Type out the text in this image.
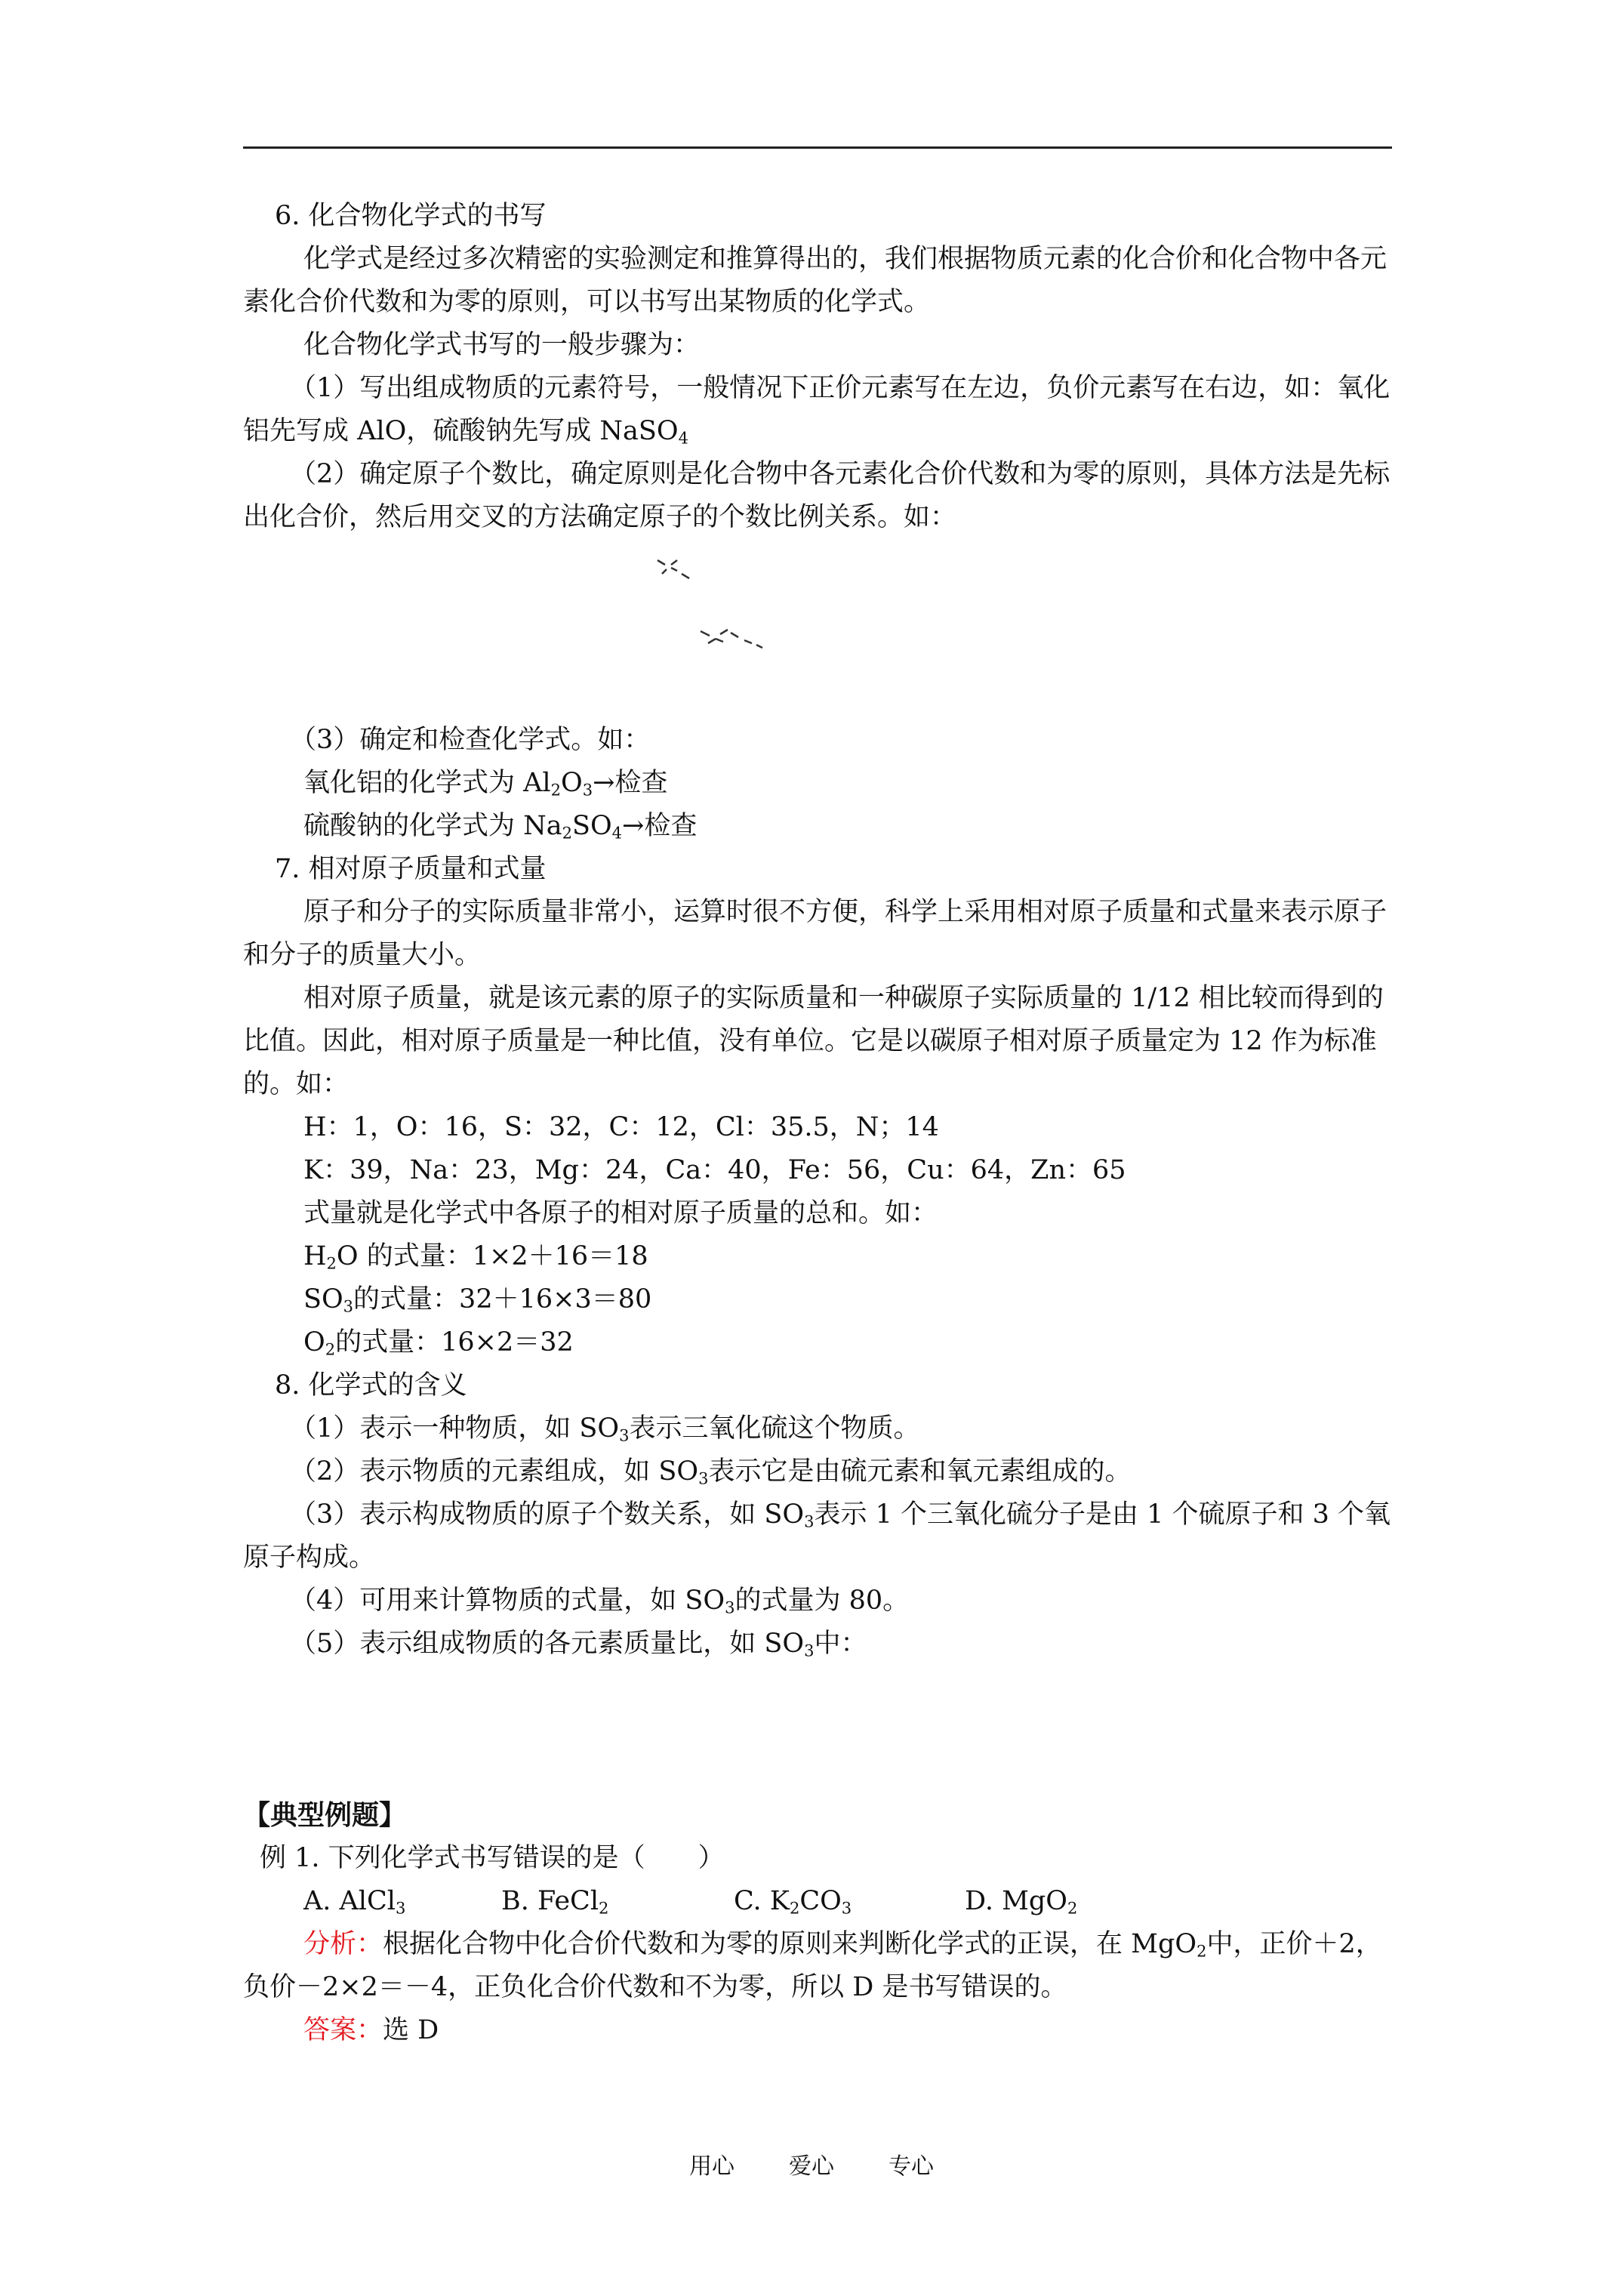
6. 化合物化学式的书写

化学式是经过多次精密的实验测定和推算得出的，我们根据物质元素的化合价和化合物中各元素化合价代数和为零的原则，可以书写出某物质的化学式。

化合物化学式书写的一般步骤为：

（1）写出组成物质的元素符号，一般情况下正价元素写在左边，负价元素写在右边，如：氧化铝先写成 AlO，硫酸钠先写成 NaSO$_4$

（2）确定原子个数比，确定原则是化合物中各元素化合价代数和为零的原则，具体方法是先标出化合价，然后用交叉的方法确定原子的个数比例关系。如：

（3）确定和检查化学式。如：

氧化铝的化学式为 $Al_2O_3\to$检查

硫酸钠的化学式为 $Na_2SO_4\to$检查

7. 相对原子质量和式量

原子和分子的实际质量非常小，运算时很不方便，科学上采用相对原子质量和式量来表示原子和分子的质量大小。

相对原子质量，就是该元素的原子的实际质量和一种碳原子实际质量的 1/12 相比较而得到的比值。因此，相对原子质量是一种比值，没有单位。它是以碳原子相对原子质量定为 12 作为标准的。如：

H：1，O：16，S：32，C：12，Cl：35.5，N；14

K：39，Na：23，Mg：24，Ca：40，Fe：56，Cu：64，Zn：65

式量就是化学式中各原子的相对原子质量的总和。如：

$H_2O$ 的式量：1×2＋16＝18

$SO_3$的式量：32＋16×3＝80

$O_2$的式量：16×2＝32

8. 化学式的含义

（1）表示一种物质，如 $SO_3$表示三氧化硫这个物质。

（2）表示物质的元素组成，如 $SO_3$表示它是由硫元素和氧元素组成的。

（3）表示构成物质的原子个数关系，如 $SO_3$表示 1 个三氧化硫分子是由 1 个硫原子和 3 个氧原子构成。

（4）可用来计算物质的式量，如 $SO_3$的式量为 80。

（5）表示组成物质的各元素质量比，如 $SO_3$中：

【典型例题】

例 1. 下列化学式书写错误的是（　　）

A. AlCl$_3$	B. FeCl$_2$	C. $K_2CO_3$	D. MgO$_2$

分析：根据化合物中化合价代数和为零的原则来判断化学式的正误，在 MgO$_2$中，正价＋2，负价－2×2＝－4，正负化合价代数和不为零，所以 D 是书写错误的。

答案：选 D

用心 爱心 专心
